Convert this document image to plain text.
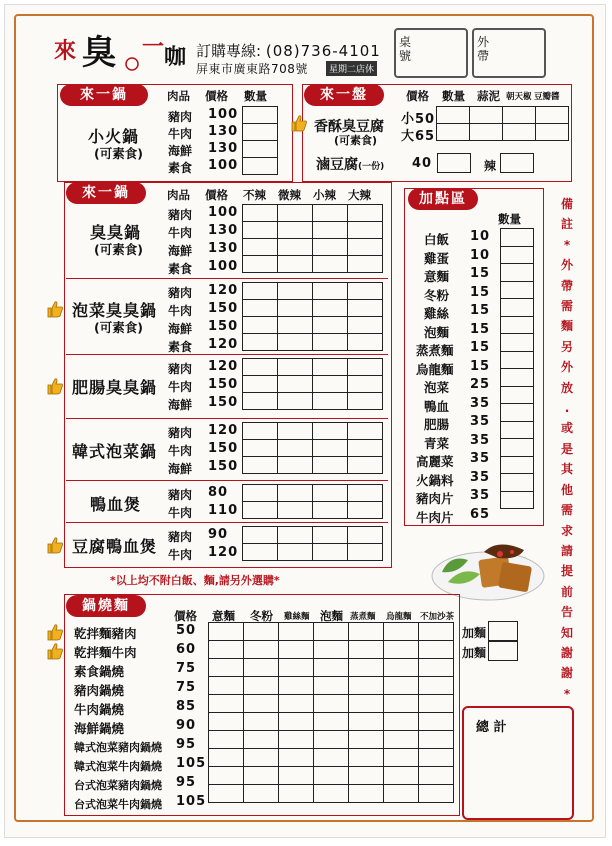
來 臭 一 咖 訂購專線: (08)736-4101
屏東市廣東路708號	星期二店休
桌號
外帶
來一鍋	肉品 價格 數量
小火鍋
(可素食)
豬肉 100
牛肉 130
海鮮 130
素食 100

來一盤	價格 數量 蒜泥 朝天椒 豆瓣醬
香酥臭豆腐
(可素食)
小50
大65

滷豆腐(一份) 40	辣
來一鍋	肉品 價格 不辣 微辣 小辣 大辣
臭臭鍋
(可素食)
豬肉 100
牛肉 130
海鮮 130
素食 100

泡菜臭臭鍋
(可素食)
豬肉 120
牛肉 150
海鮮 150
素食 120

肥腸臭臭鍋
豬肉 120
牛肉 150
海鮮 150

韓式泡菜鍋
豬肉 120
牛肉 150
海鮮 150

鴨血煲 豬肉 80
牛肉 110

豆腐鴨血煲 豬肉 90
牛肉 120

*以上均不附白飯、麵,請另外選購*
加點區
數量
白飯 10
雞蛋 10
意麵 15
冬粉 15
雞絲 15
泡麵 15
蒸煮麵 15
烏龍麵 15
泡菜 25
鴨血 35
肥腸 35
青菜 35
高麗菜 35
火鍋料 35
豬肉片 35
牛肉片 65

備
註
*
外
帶
需
麵
另
外
放
.
或
是
其
他
需
求
請
提
前
告
知
謝
謝
*
鍋燒麵
價格 意麵 冬粉 雞絲麵 泡麵 蒸煮麵 烏龍麵 不加沙茶
乾拌麵豬肉	50
乾拌麵牛肉	60
素食鍋燒	75
豬肉鍋燒	75
牛肉鍋燒	85
海鮮鍋燒	90
韓式泡菜豬肉鍋燒 95
韓式泡菜牛肉鍋燒 105
台式泡菜豬肉鍋燒 95
台式泡菜牛肉鍋燒 105

加麵
加麵
總 計
